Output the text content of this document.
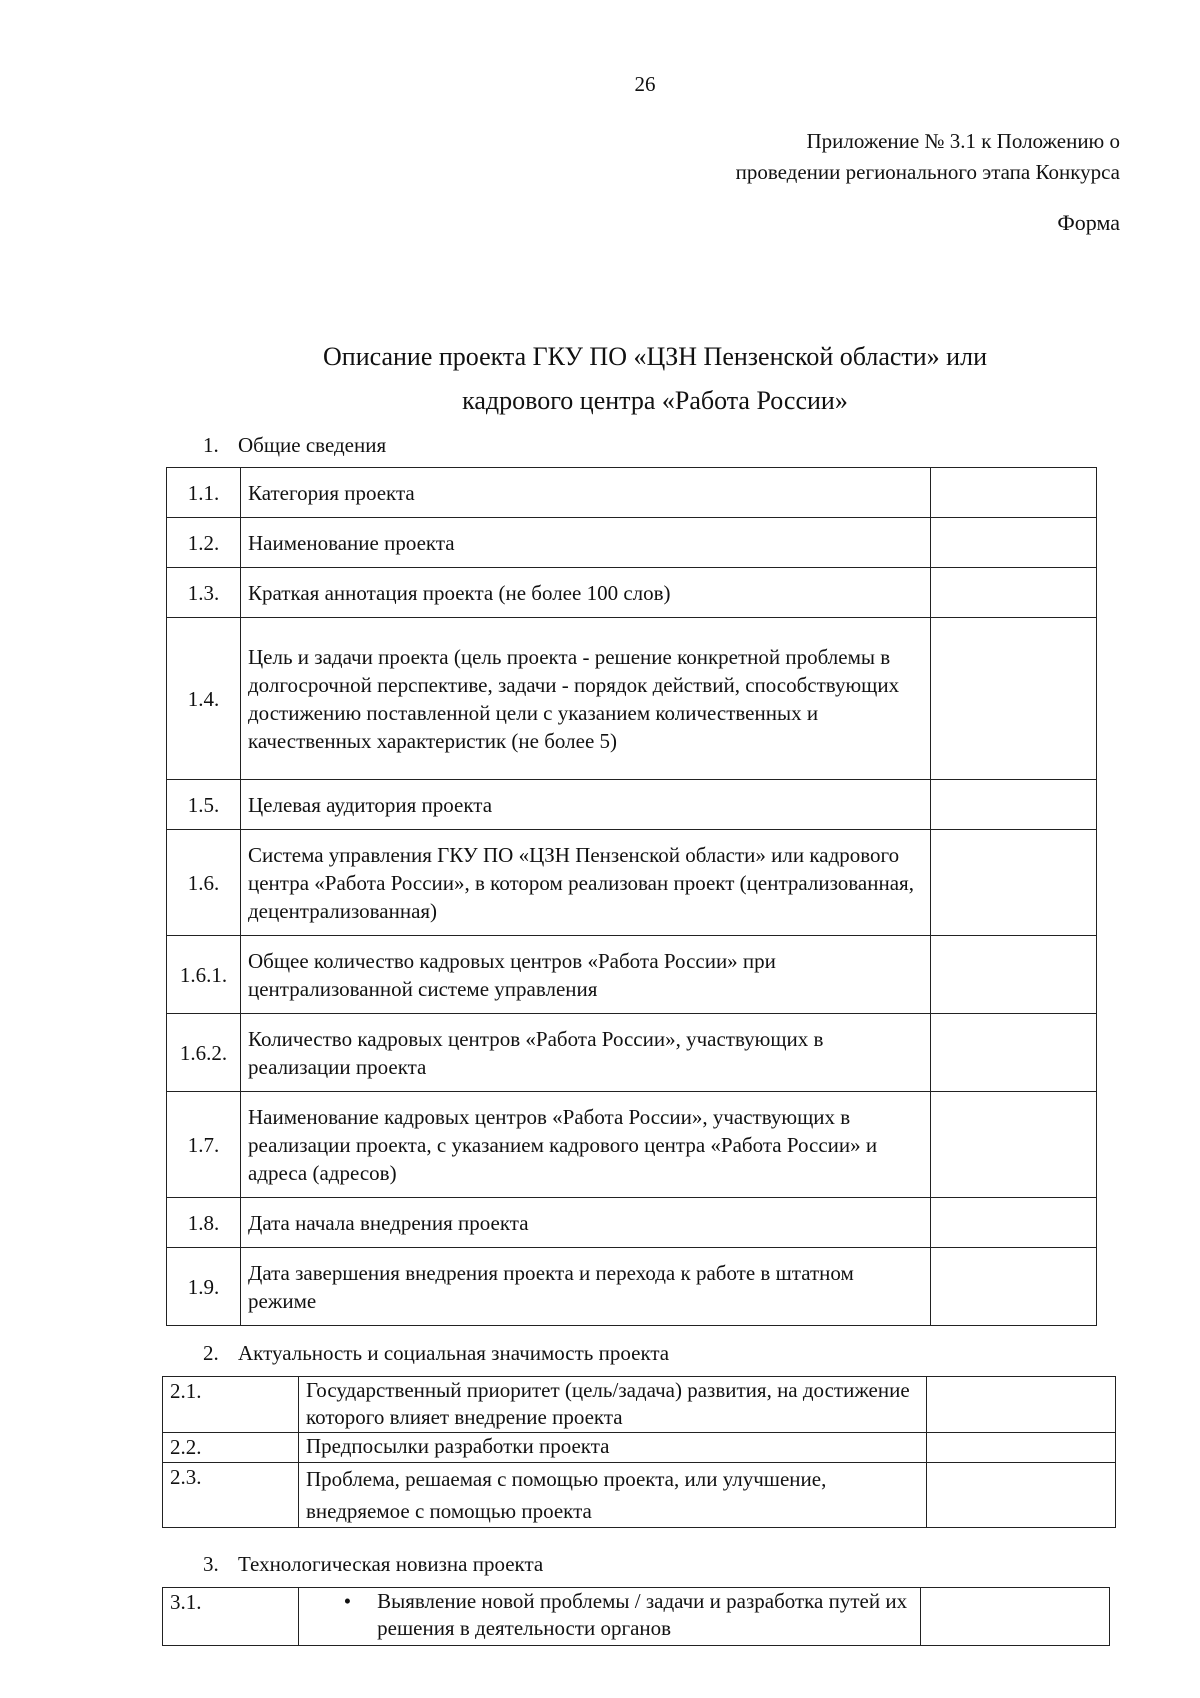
26
Приложение № 3.1 к Положению о
проведении регионального этапа Конкурса
Форма
Описание проекта ГКУ ПО «ЦЗН Пензенской области» или
кадрового центра «Работа России»
1. Общие сведения
1.1.	Категория проекта	
1.2.	Наименование проекта	
1.3.	Краткая аннотация проекта (не более 100 слов)	
1.4.	Цель и задачи проекта (цель проекта - решение конкретной проблемы в долгосрочной перспективе, задачи - порядок действий, способствующих достижению поставленной цели с указанием количественных и качественных характеристик (не более 5)	
1.5.	Целевая аудитория проекта	
1.6.	Система управления ГКУ ПО «ЦЗН Пензенской области» или кадрового центра «Работа России», в котором реализован проект (централизованная, децентрализованная)	
1.6.1.	Общее количество кадровых центров «Работа России» при централизованной системе управления	
1.6.2.	Количество кадровых центров «Работа России», участвующих в реализации проекта	
1.7.	Наименование кадровых центров «Работа России», участвующих в реализации проекта, с указанием кадрового центра «Работа России» и адреса (адресов)	
1.8.	Дата начала внедрения проекта	
1.9.	Дата завершения внедрения проекта и перехода к работе в штатном режиме	
2. Актуальность и социальная значимость проекта
2.1.	Государственный приоритет (цель/задача) развития, на достижение которого влияет внедрение проекта	
2.2.	Предпосылки разработки проекта	
2.3.	Проблема, решаемая с помощью проекта, или улучшение, внедряемое с помощью проекта	
3. Технологическая новизна проекта
3.1.	•	Выявление новой проблемы / задачи и разработка путей их решения в деятельности органов
